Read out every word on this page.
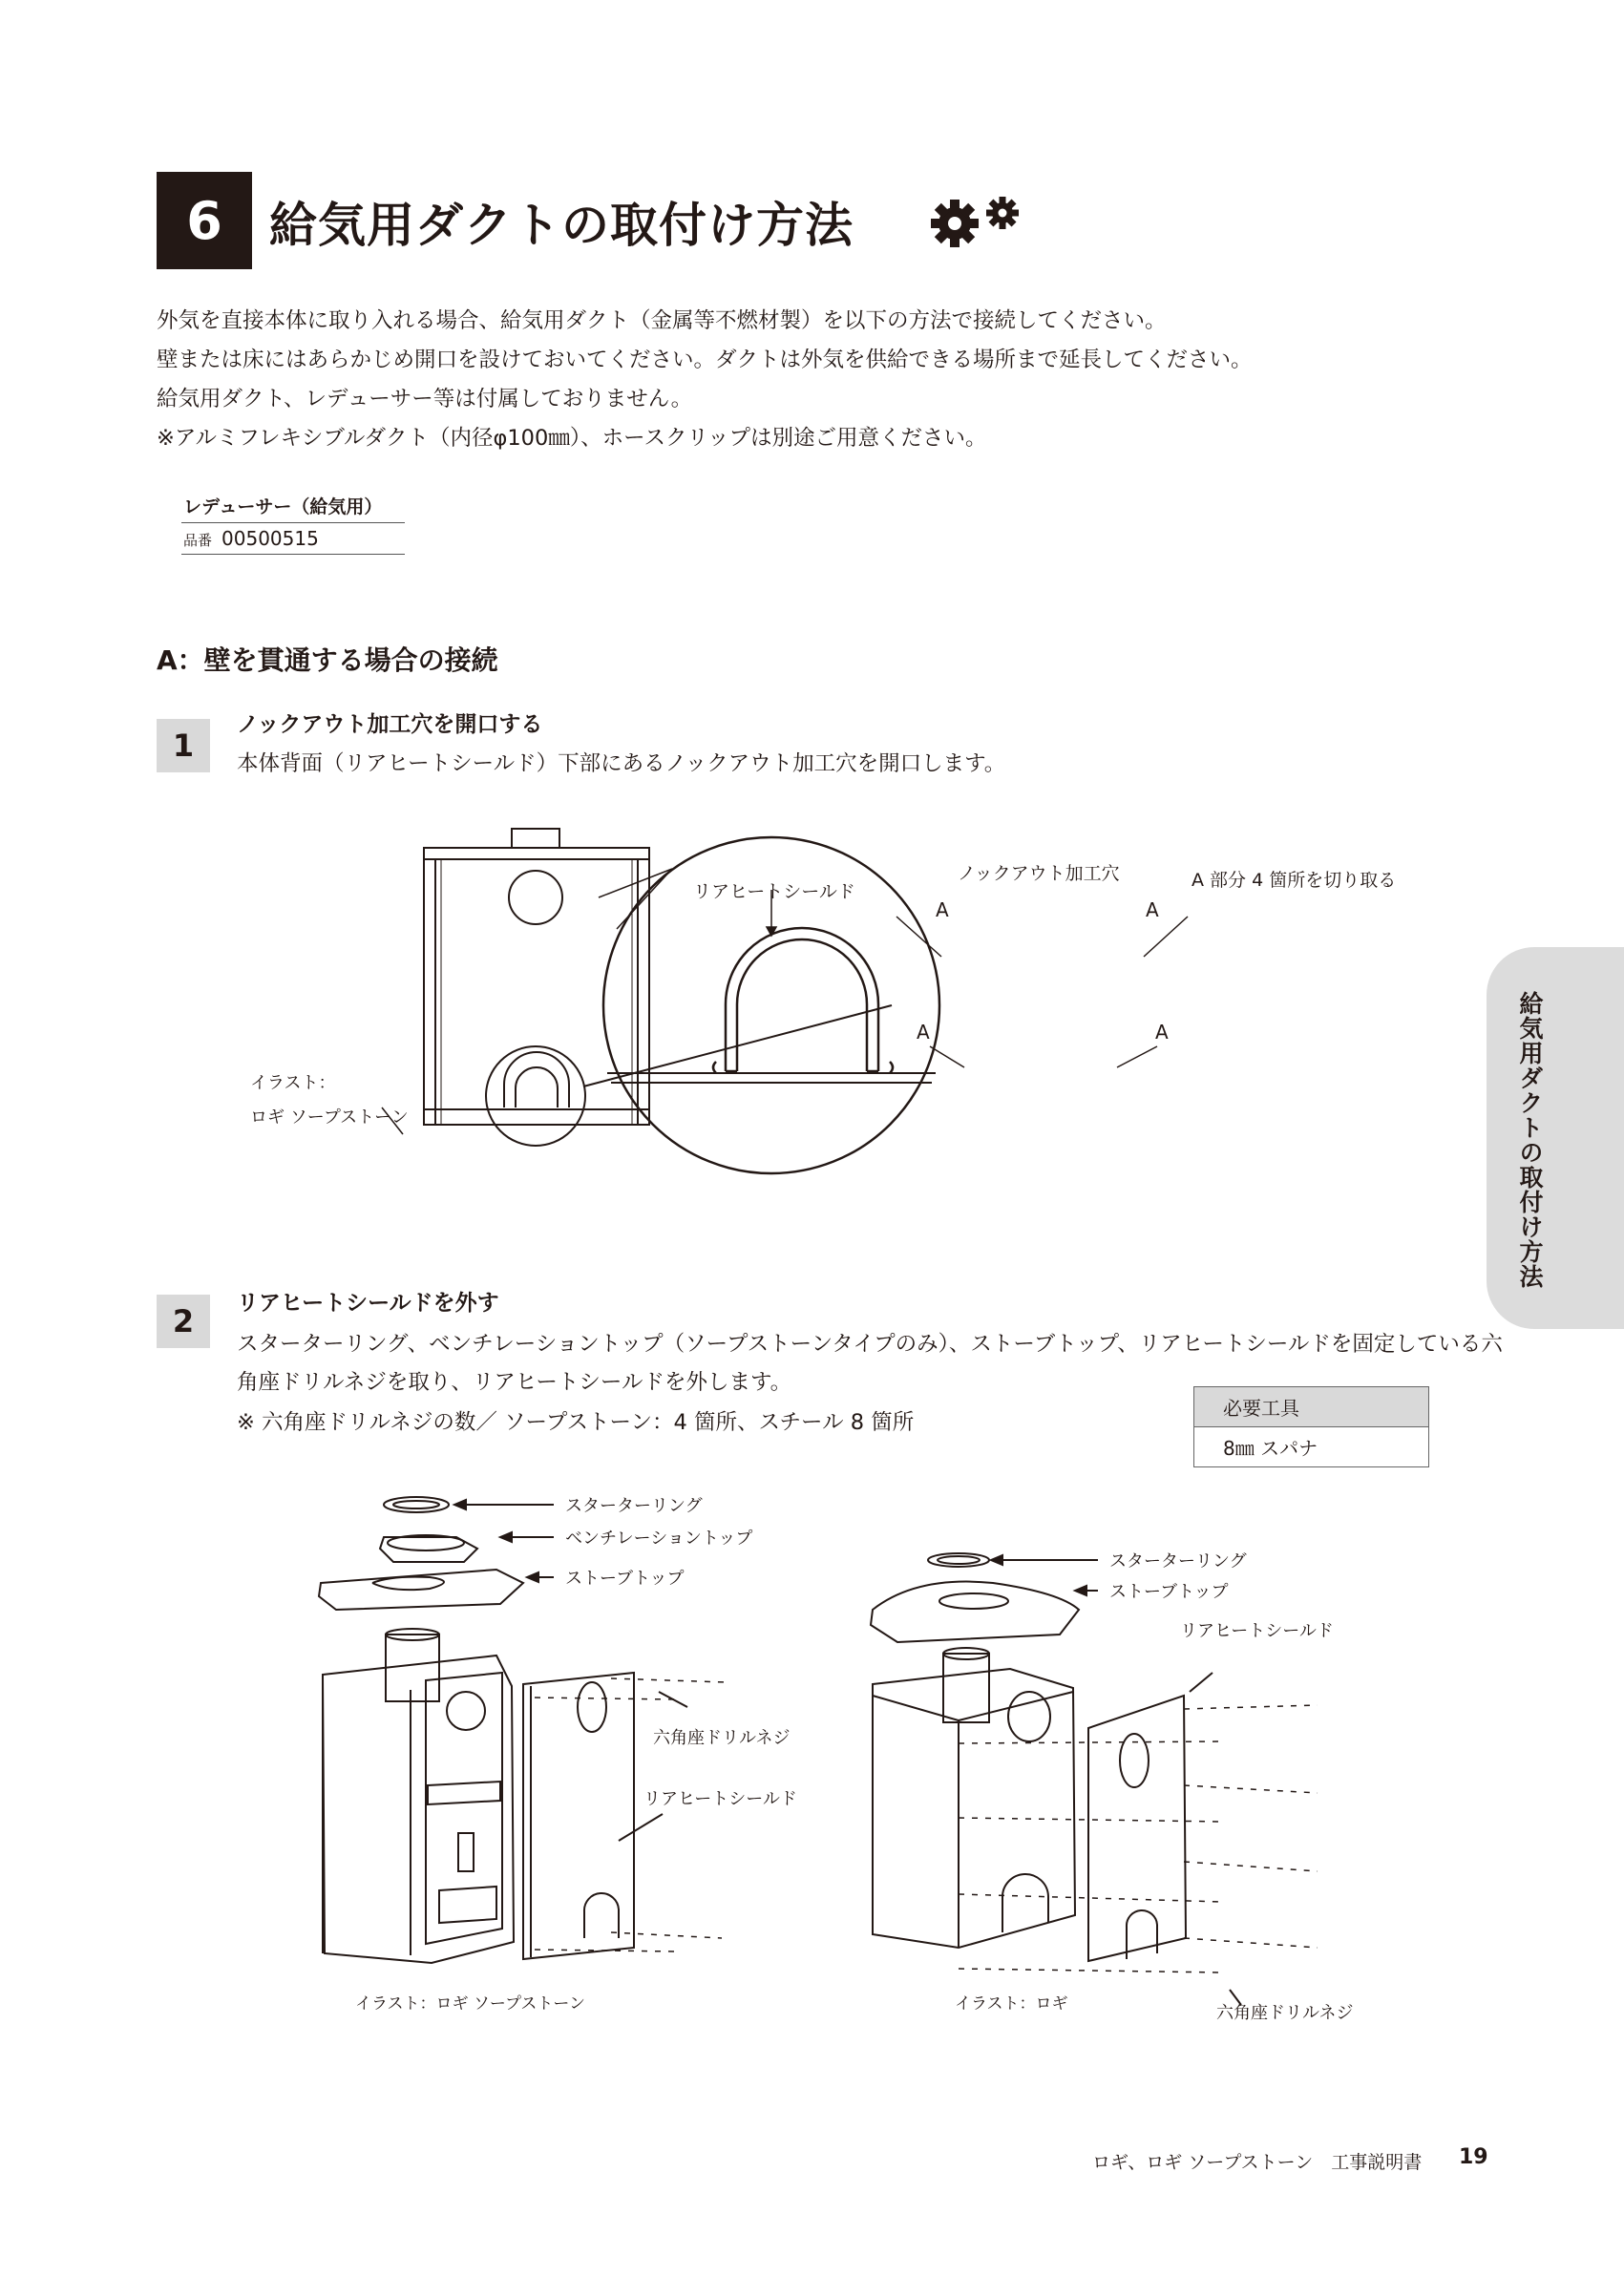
6 給気用ダクトの取付け方法
外気を直接本体に取り入れる場合、給気用ダクト（金属等不燃材製）を以下の方法で接続してください。
壁または床にはあらかじめ開口を設けておいてください。ダクトは外気を供給できる場所まで延長してください。
給気用ダクト、レデューサー等は付属しておりません。
※アルミフレキシブルダクト（内径φ100㎜）、ホースクリップは別途ご用意ください。
レデューサー（給気用）
品番 00500515
A：壁を貫通する場合の接続
1
ノックアウト加工穴を開口する
本体背面（リアヒートシールド）下部にあるノックアウト加工穴を開口します。
リアヒートシールド
イラスト：
ロギ ソープストーン
ノックアウト加工穴	A 部分 4 箇所を切り取る
A	A
A	A	給気用ダクトの取付け方法
2	リアヒートシールドを外す
スターターリング、ベンチレーショントップ（ソープストーンタイプのみ）、ストーブトップ、リアヒートシールドを固定している六
角座ドリルネジを取り、リアヒートシールドを外します。
※ 六角座ドリルネジの数／ ソープストーン：4 箇所、スチール 8 箇所
必要工具
8㎜ スパナ
スターターリング
ベンチレーショントップ
ストーブトップ
六角座ドリルネジ
リアヒートシールド
イラスト：ロギ ソープストーン
スターターリング
ストーブトップ
リアヒートシールド
六角座ドリルネジ
イラスト：ロギ
ロギ、ロギ ソープストーン　工事説明書 19
